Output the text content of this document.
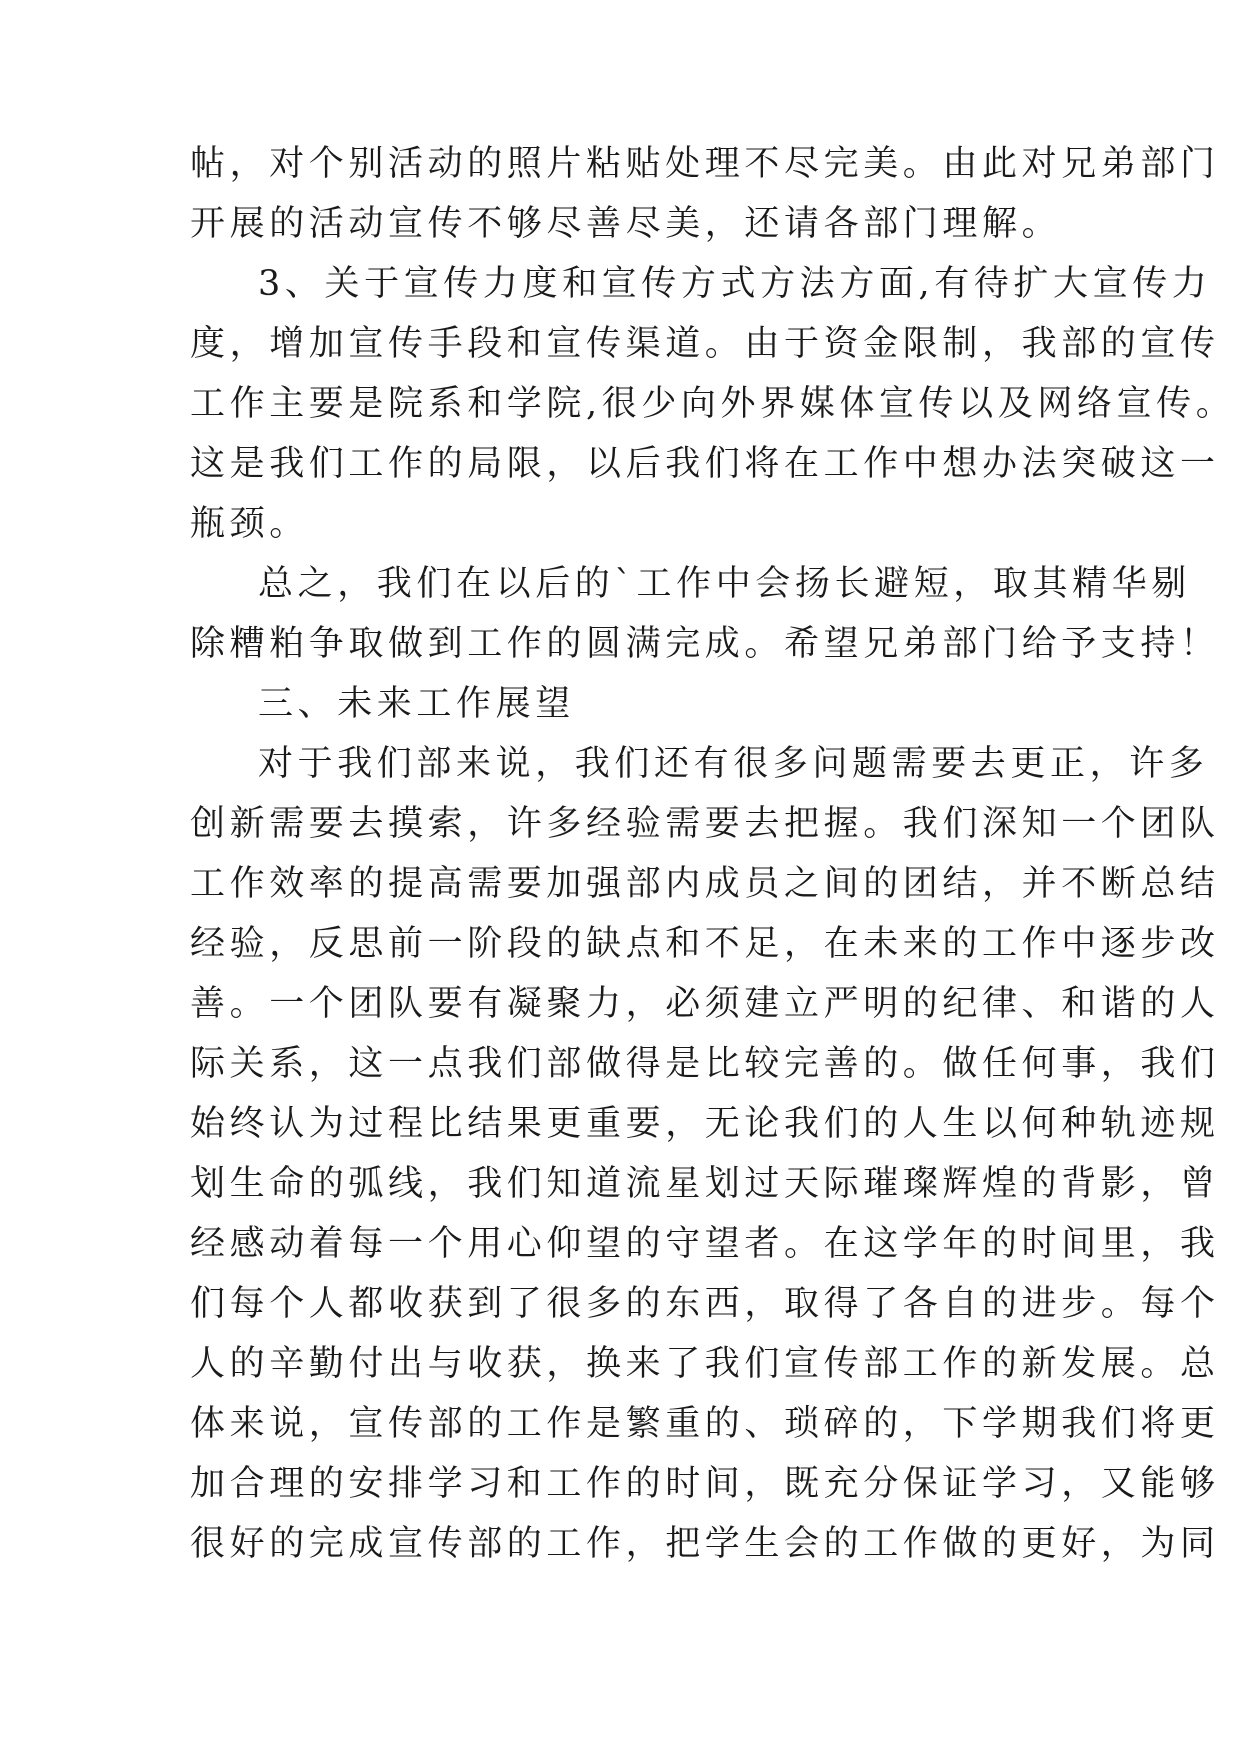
帖，对个别活动的照片粘贴处理不尽完美。由此对兄弟部门
开展的活动宣传不够尽善尽美，还请各部门理解。
3、关于宣传力度和宣传方式方法方面,有待扩大宣传力
度，增加宣传手段和宣传渠道。由于资金限制，我部的宣传
工作主要是院系和学院,很少向外界媒体宣传以及网络宣传。
这是我们工作的局限，以后我们将在工作中想办法突破这一
瓶颈。
总之，我们在以后的`工作中会扬长避短，取其精华剔
除糟粕争取做到工作的圆满完成。希望兄弟部门给予支持！
三、未来工作展望
对于我们部来说，我们还有很多问题需要去更正，许多
创新需要去摸索，许多经验需要去把握。我们深知一个团队
工作效率的提高需要加强部内成员之间的团结，并不断总结
经验，反思前一阶段的缺点和不足，在未来的工作中逐步改
善。一个团队要有凝聚力，必须建立严明的纪律、和谐的人
际关系，这一点我们部做得是比较完善的。做任何事，我们
始终认为过程比结果更重要，无论我们的人生以何种轨迹规
划生命的弧线，我们知道流星划过天际璀璨辉煌的背影，曾
经感动着每一个用心仰望的守望者。在这学年的时间里，我
们每个人都收获到了很多的东西，取得了各自的进步。每个
人的辛勤付出与收获，换来了我们宣传部工作的新发展。总
体来说，宣传部的工作是繁重的、琐碎的，下学期我们将更
加合理的安排学习和工作的时间，既充分保证学习，又能够
很好的完成宣传部的工作，把学生会的工作做的更好，为同
